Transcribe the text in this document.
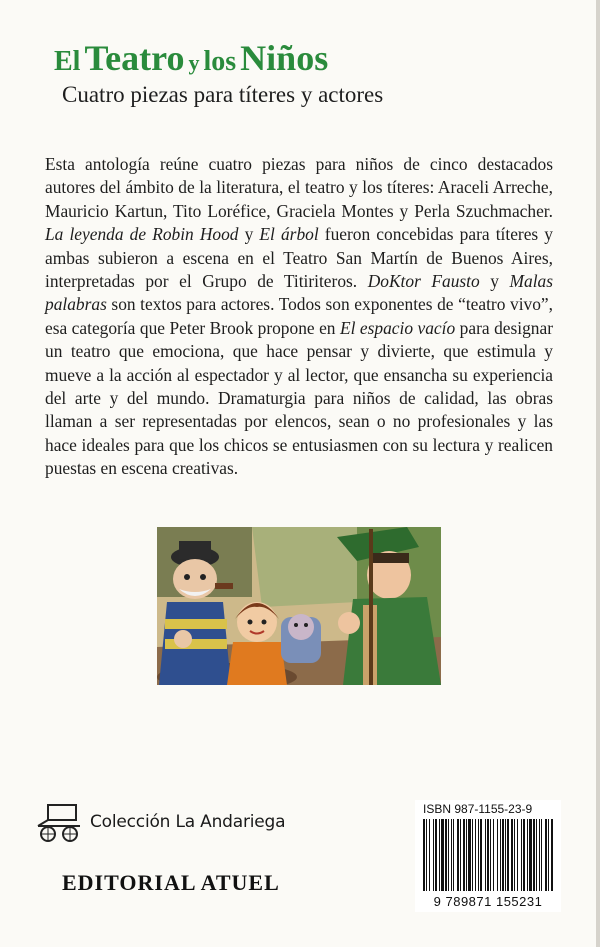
El Teatro y los Niños
Cuatro piezas para títeres y actores
Esta antología reúne cuatro piezas para niños de cinco destacados autores del ámbito de la literatura, el teatro y los títeres: Araceli Arreche, Mauricio Kartun, Tito Loréfice, Graciela Montes y Perla Szuchmacher. La leyenda de Robin Hood y El árbol fueron concebidas para títeres y ambas subieron a escena en el Teatro San Martín de Buenos Aires, interpretadas por el Grupo de Titiriteros. DoKtor Fausto y Malas palabras son textos para actores. Todos son exponentes de “teatro vivo”, esa categoría que Peter Brook propone en El espacio vacío para designar un teatro que emociona, que hace pensar y divierte, que estimula y mueve a la acción al espectador y al lector, que ensancha su experiencia del arte y del mundo. Dramaturgia para niños de calidad, las obras llaman a ser representadas por elencos, sean o no profesionales y las hace ideales para que los chicos se entusiasmen con su lectura y realicen puestas en escena creativas.
Colección La Andariega
EDITORIAL ATUEL
ISBN 987-1155-23-9
9 789871 155231
